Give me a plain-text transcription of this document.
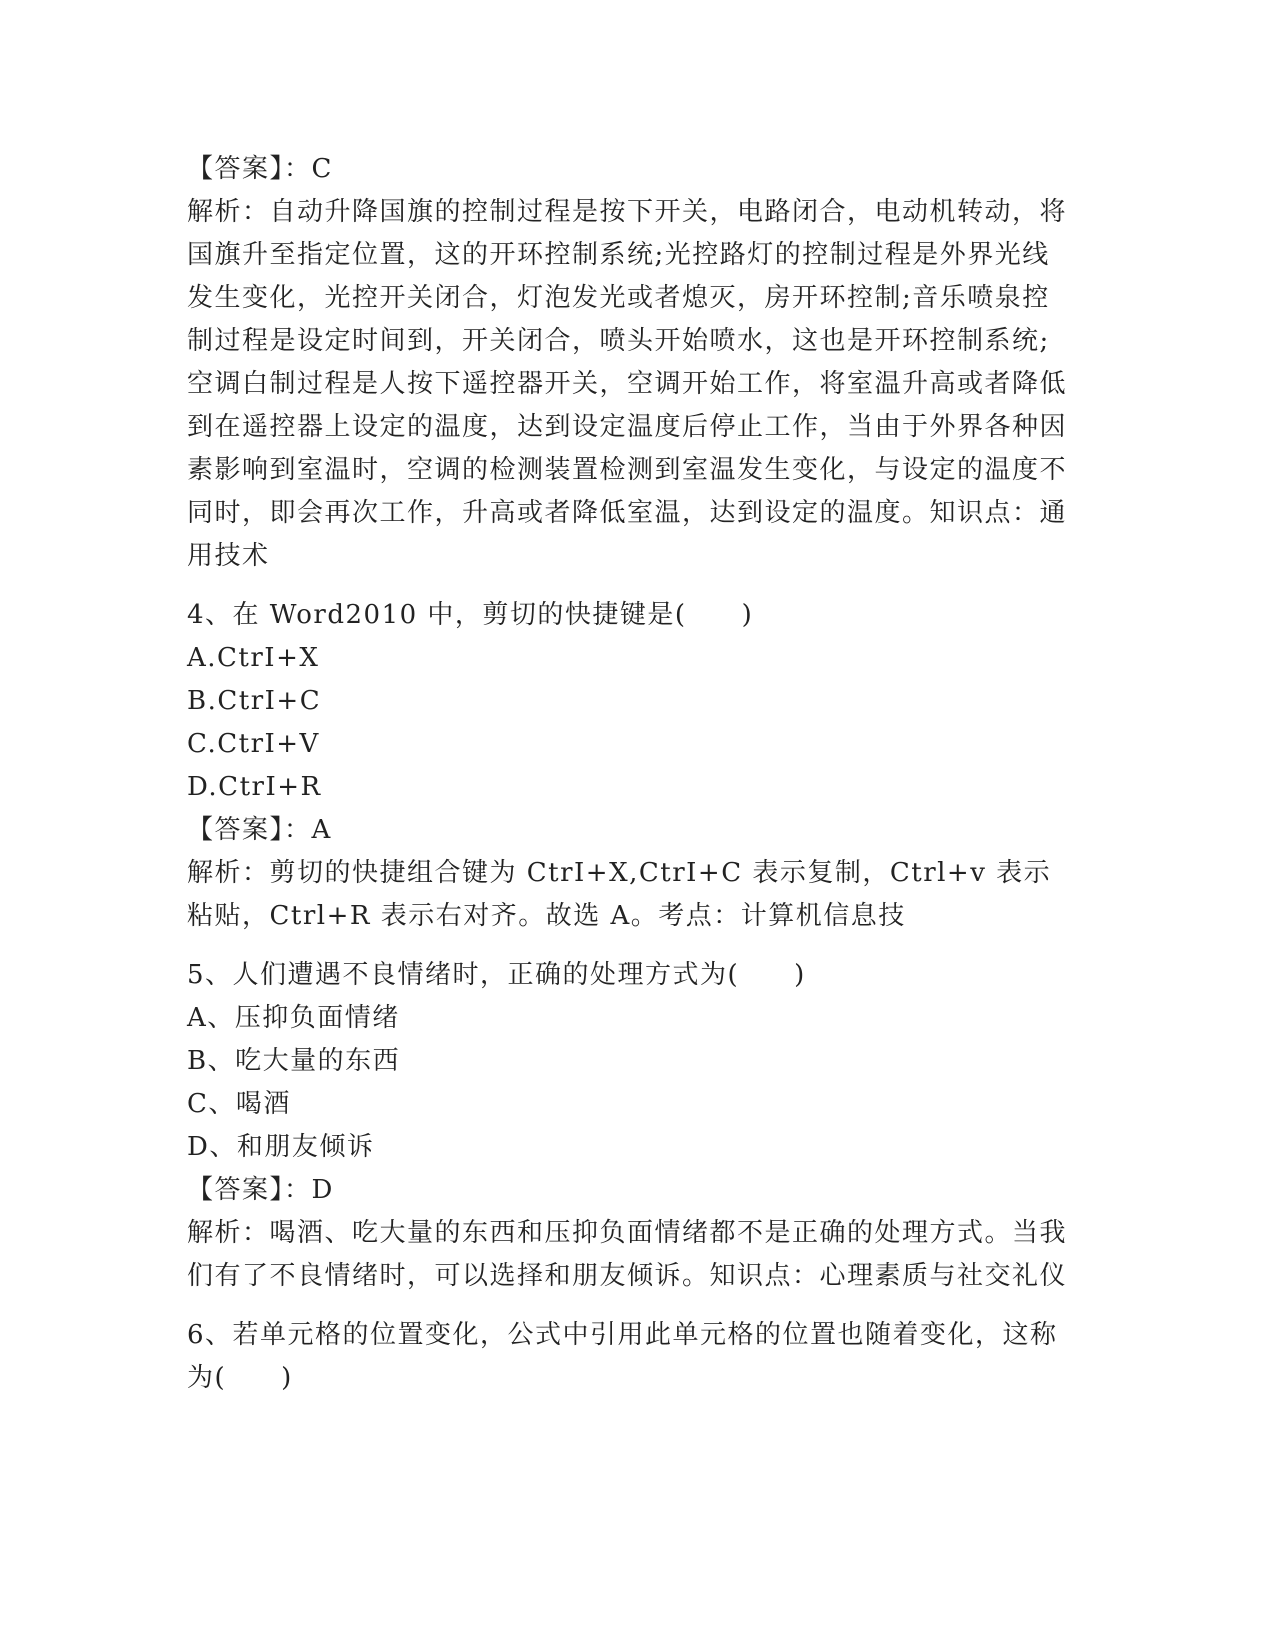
【答案】：C

解析：自动升降国旗的控制过程是按下开关，电路闭合，电动机转动，将国旗升至指定位置，这的开环控制系统;光控路灯的控制过程是外界光线发生变化，光控开关闭合，灯泡发光或者熄灭，房开环控制;音乐喷泉控制过程是设定时间到，开关闭合，喷头开始喷水，这也是开环控制系统;空调白制过程是人按下遥控器开关，空调开始工作，将室温升高或者降低到在遥控器上设定的温度，达到设定温度后停止工作，当由于外界各种因素影响到室温时，空调的检测装置检测到室温发生变化，与设定的温度不同时，即会再次工作，升高或者降低室温，达到设定的温度。知识点：通用技术

4、在 Word2010 中，剪切的快捷键是(　　)

A.CtrI+X
B.CtrI+C
C.CtrI+V
D.CtrI+R
【答案】：A

解析：剪切的快捷组合键为 CtrI+X,CtrI+C 表示复制，Ctrl+v 表示粘贴，Ctrl+R 表示右对齐。故选 A。考点：计算机信息技

5、人们遭遇不良情绪时，正确的处理方式为(　　)

A、压抑负面情绪
B、吃大量的东西
C、喝酒
D、和朋友倾诉
【答案】：D

解析：喝酒、吃大量的东西和压抑负面情绪都不是正确的处理方式。当我们有了不良情绪时，可以选择和朋友倾诉。知识点：心理素质与社交礼仪

6、若单元格的位置变化，公式中引用此单元格的位置也随着变化，这称为(　　)
